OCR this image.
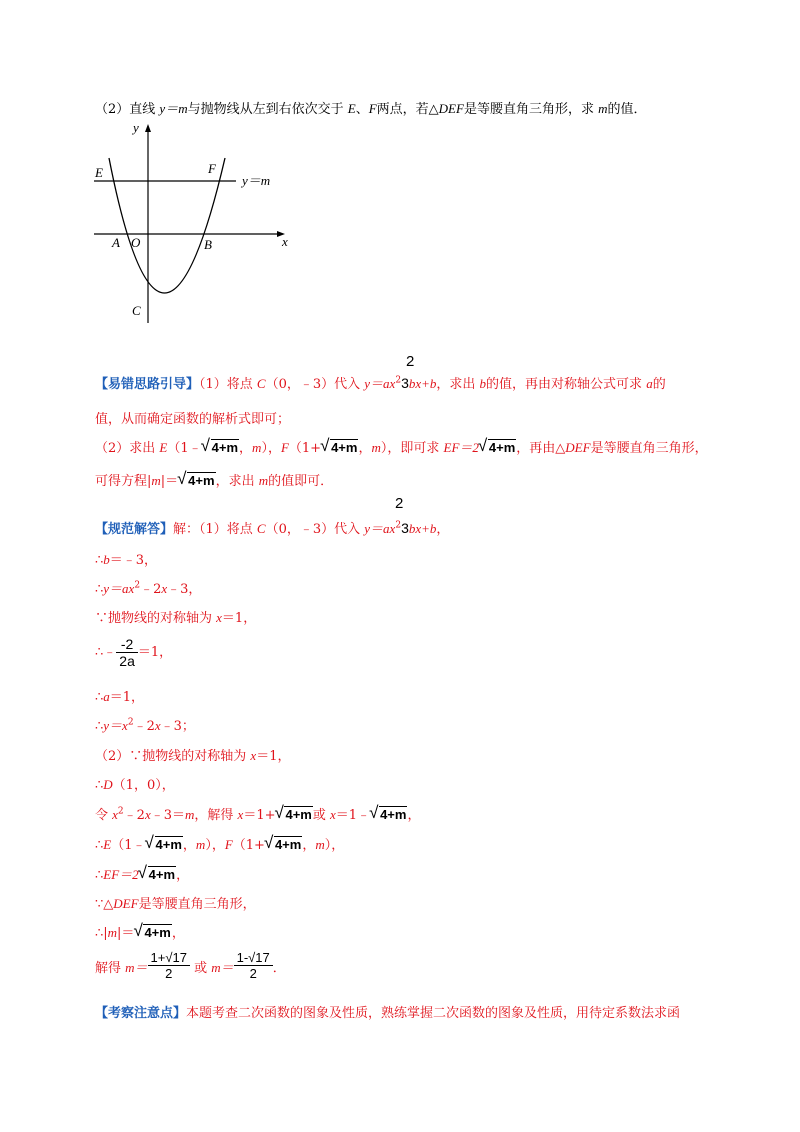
（2）直线 y＝m与抛物线从左到右依次交于 E、F两点，若△DEF是等腰直角三角形，求 m的值．
y
x
E	F
y＝m
A O	B
C
2
【易错思路引导】（1）将点 C（0，﹣3）代入 $y=ax^23bx+b$，求出 b的值，再由对称轴公式可求 a的
值，从而确定函数的解析式即可；
（2）求出 E（1﹣ √ 4+m，m），F（1+ √ 4+m，m），即可求 EF＝2 √ 4+m，再由△DEF是等腰直角三角形，
可得方程|m|＝ √ 4+m，求出 m的值即可．
2
【规范解答】解：（1）将点 C（0，﹣3）代入 $y=ax^23bx+b$，
∴b＝﹣3，
$\therefore y=ax^2﹣2x﹣3$，
∵抛物线的对称轴为 x＝1，
∴﹣ $\frac{-2}{2a} =1$，
∴a＝1，
$\therefore y=x^2﹣2x﹣3$；
（2）∵抛物线的对称轴为 x＝1，
∴D（1，0），
令 $x^2﹣2x﹣3=m$，解得 x＝1+ √ 4+m或 x＝1﹣ √ 4+m，
∴E（1﹣ √ 4+m，m），F（1+ √ 4+m，m），
∴EF＝2 √ 4+m，
∵△DEF是等腰直角三角形，
∴|m|＝ √ 4+m，
解得 $m= \frac{1+√17}{2}$ 或 $m= \frac{1-√17}{2}$ ．
【考察注意点】本题考查二次函数的图象及性质，熟练掌握二次函数的图象及性质，用待定系数法求函
